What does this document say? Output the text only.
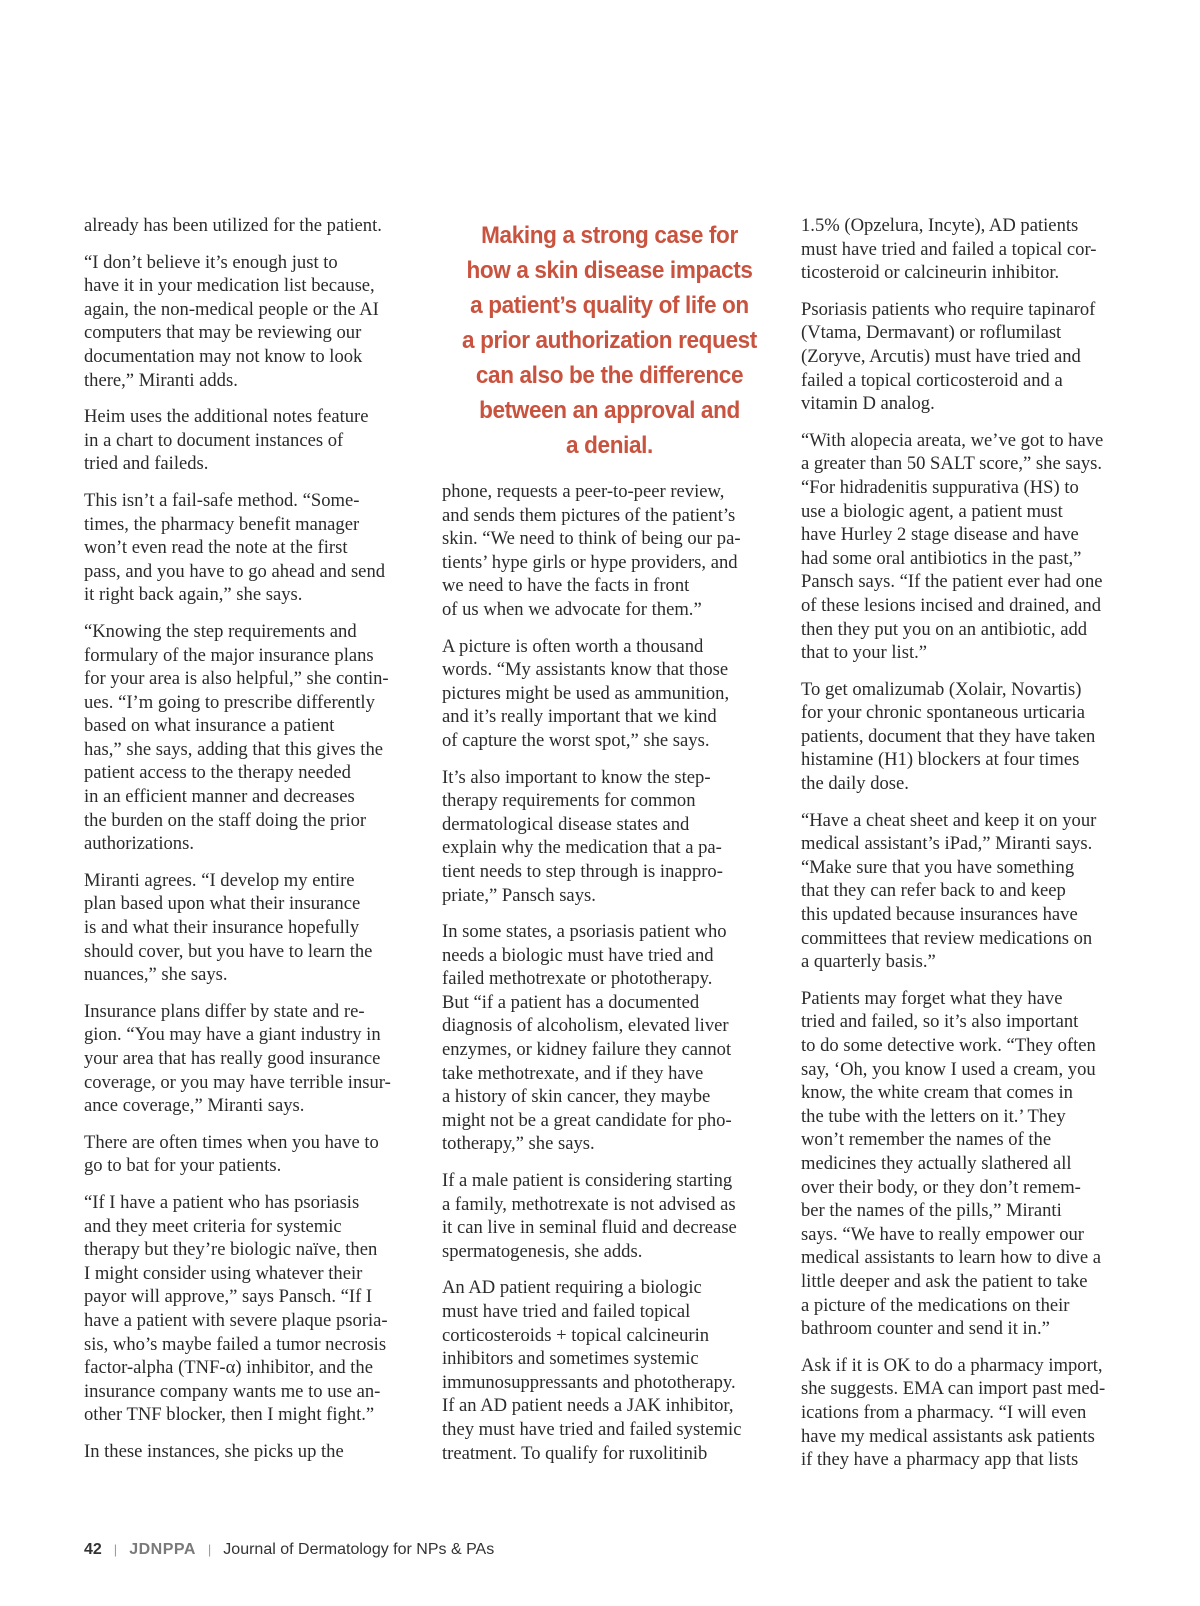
already has been utilized for the patient.

“I don’t believe it’s enough just to
have it in your medication list because,
again, the non-medical people or the AI
computers that may be reviewing our
documentation may not know to look
there,” Miranti adds.

Heim uses the additional notes feature
in a chart to document instances of
tried and faileds.

This isn’t a fail-safe method. “Some-
times, the pharmacy benefit manager
won’t even read the note at the first
pass, and you have to go ahead and send
it right back again,” she says.

“Knowing the step requirements and
formulary of the major insurance plans
for your area is also helpful,” she contin-
ues. “I’m going to prescribe differently
based on what insurance a patient
has,” she says, adding that this gives the
patient access to the therapy needed
in an efficient manner and decreases
the burden on the staff doing the prior
authorizations.

Miranti agrees. “I develop my entire
plan based upon what their insurance
is and what their insurance hopefully
should cover, but you have to learn the
nuances,” she says.

Insurance plans differ by state and re-
gion. “You may have a giant industry in
your area that has really good insurance
coverage, or you may have terrible insur-
ance coverage,” Miranti says.

There are often times when you have to
go to bat for your patients.

“If I have a patient who has psoriasis
and they meet criteria for systemic
therapy but they’re biologic naïve, then
I might consider using whatever their
payor will approve,” says Pansch. “If I
have a patient with severe plaque psoria-
sis, who’s maybe failed a tumor necrosis
factor-alpha (TNF-α) inhibitor, and the
insurance company wants me to use an-
other TNF blocker, then I might fight.”

In these instances, she picks up the

Making a strong case for
how a skin disease impacts
a patient’s quality of life on
a prior authorization request
can also be the difference
between an approval and
a denial.

phone, requests a peer-to-peer review,
and sends them pictures of the patient’s
skin. “We need to think of being our pa-
tients’ hype girls or hype providers, and
we need to have the facts in front
of us when we advocate for them.”

A picture is often worth a thousand
words. “My assistants know that those
pictures might be used as ammunition,
and it’s really important that we kind
of capture the worst spot,” she says.

It’s also important to know the step-
therapy requirements for common
dermatological disease states and
explain why the medication that a pa-
tient needs to step through is inappro-
priate,” Pansch says.

In some states, a psoriasis patient who
needs a biologic must have tried and
failed methotrexate or phototherapy.
But “if a patient has a documented
diagnosis of alcoholism, elevated liver
enzymes, or kidney failure they cannot
take methotrexate, and if they have
a history of skin cancer, they maybe
might not be a great candidate for pho-
totherapy,” she says.

If a male patient is considering starting
a family, methotrexate is not advised as
it can live in seminal fluid and decrease
spermatogenesis, she adds.

An AD patient requiring a biologic
must have tried and failed topical
corticosteroids + topical calcineurin
inhibitors and sometimes systemic
immunosuppressants and phototherapy.
If an AD patient needs a JAK inhibitor,
they must have tried and failed systemic
treatment. To qualify for ruxolitinib

1.5% (Opzelura, Incyte), AD patients
must have tried and failed a topical cor-
ticosteroid or calcineurin inhibitor.

Psoriasis patients who require tapinarof
(Vtama, Dermavant) or roflumilast
(Zoryve, Arcutis) must have tried and
failed a topical corticosteroid and a
vitamin D analog.

“With alopecia areata, we’ve got to have
a greater than 50 SALT score,” she says.
“For hidradenitis suppurativa (HS) to
use a biologic agent, a patient must
have Hurley 2 stage disease and have
had some oral antibiotics in the past,”
Pansch says. “If the patient ever had one
of these lesions incised and drained, and
then they put you on an antibiotic, add
that to your list.”

To get omalizumab (Xolair, Novartis)
for your chronic spontaneous urticaria
patients, document that they have taken
histamine (H1) blockers at four times
the daily dose.

“Have a cheat sheet and keep it on your
medical assistant’s iPad,” Miranti says.
“Make sure that you have something
that they can refer back to and keep
this updated because insurances have
committees that review medications on
a quarterly basis.”

Patients may forget what they have
tried and failed, so it’s also important
to do some detective work. “They often
say, ‘Oh, you know I used a cream, you
know, the white cream that comes in
the tube with the letters on it.’ They
won’t remember the names of the
medicines they actually slathered all
over their body, or they don’t remem-
ber the names of the pills,” Miranti
says. “We have to really empower our
medical assistants to learn how to dive a
little deeper and ask the patient to take
a picture of the medications on their
bathroom counter and send it in.”

Ask if it is OK to do a pharmacy import,
she suggests. EMA can import past med-
ications from a pharmacy. “I will even
have my medical assistants ask patients
if they have a pharmacy app that lists

42 | JDNPPA | Journal of Dermatology for NPs & PAs
